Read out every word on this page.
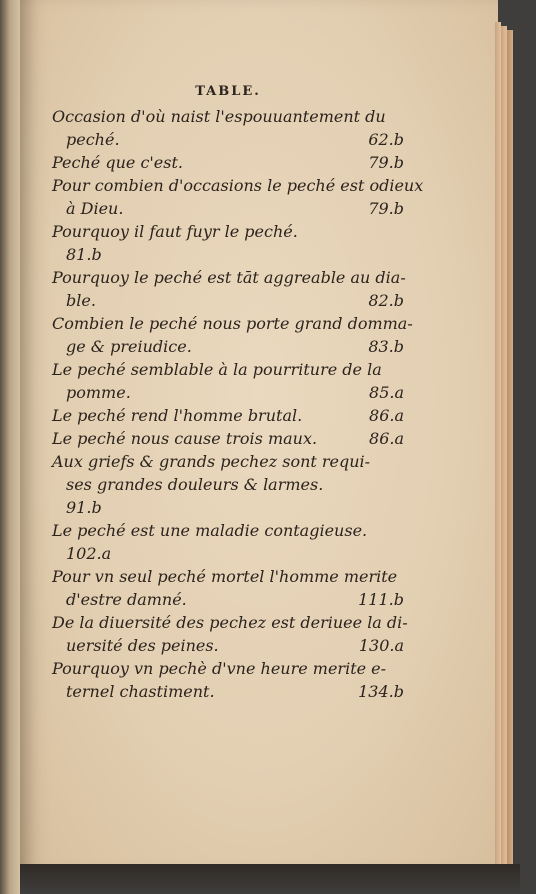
TABLE.
Occasion d'où naist l'espouuantement du
peché.	62.b
Peché que c'est.	79.b
Pour combien d'occasions le peché est odieux
à Dieu.	79.b
Pourquoy il faut fuyr le peché.
81.b
Pourquoy le peché est tāt aggreable au dia-
ble.	82.b
Combien le peché nous porte grand domma-
ge & preiudice.	83.b
Le peché semblable à la pourriture de la
pomme.	85.a
Le peché rend l'homme brutal.	86.a
Le peché nous cause trois maux.	86.a
Aux griefs & grands pechez sont requi-
ses grandes douleurs & larmes.
91.b
Le peché est une maladie contagieuse.
102.a
Pour vn seul peché mortel l'homme merite
d'estre damné.	111.b
De la diuersité des pechez est deriuee la di-
uersité des peines.	130.a
Pourquoy vn pechè d'vne heure merite e-
ternel chastiment.	134.b
